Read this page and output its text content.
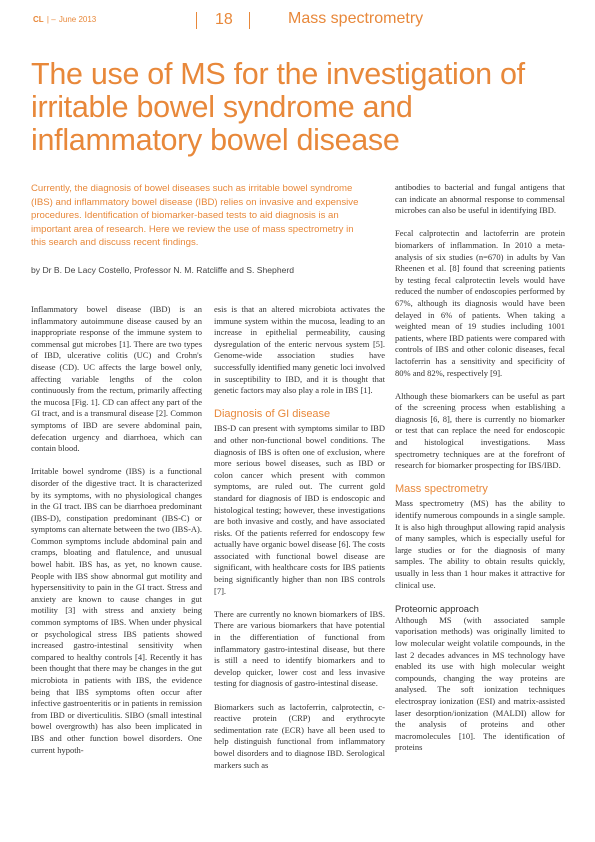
CL | – June 2013	18	Mass spectrometry
The use of MS for the investigation of irritable bowel syndrome and inflammatory bowel disease

Currently, the diagnosis of bowel diseases such as irritable bowel syndrome (IBS) and inflammatory bowel disease (IBD) relies on invasive and expensive procedures. Identification of biomarker-based tests to aid diagnosis is an important area of research. Here we review the use of mass spectrometry in this search and discuss recent findings.

by Dr B. De Lacy Costello, Professor N. M. Ratcliffe and S. Shepherd

Inflammatory bowel disease (IBD) is an inflammatory autoimmune disease caused by an inappropriate response of the immune system to commensal gut microbes [1]. There are two types of IBD, ulcerative colitis (UC) and Crohn's disease (CD). UC affects the large bowel only, affecting variable lengths of the colon continuously from the rectum, primarily affecting the mucosa [Fig. 1]. CD can affect any part of the GI tract, and is a transmural disease [2]. Common symptoms of IBD are severe abdominal pain, defecation urgency and diarrhoea, which can contain blood.

Irritable bowel syndrome (IBS) is a functional disorder of the digestive tract. It is characterized by its symptoms, with no physiological changes in the GI tract. IBS can be diarrhoea predominant (IBS-D), constipation predominant (IBS-C) or symptoms can alternate between the two (IBS-A). Common symptoms include abdominal pain and cramps, bloating and flatulence, and unusual bowel habit. IBS has, as yet, no known cause. People with IBS show abnormal gut motility and hypersensitivity to pain in the GI tract. Stress and anxiety are known to cause changes in gut motility [3] with stress and anxiety being common symptoms of IBS. When under physical or psychological stress IBS patients showed increased gastro-intestinal sensitivity when compared to healthy controls [4]. Recently it has been thought that there may be changes in the gut microbiota in patients with IBS, the evidence being that IBS symptoms often occur after infective gastroenteritis or in patients in remission from IBD or diverticulitis. SIBO (small intestinal bowel overgrowth) has also been implicated in IBS and other function bowel disorders. One current hypoth-

esis is that an altered microbiota activates the immune system within the mucosa, leading to an increase in epithelial permeability, causing dysregulation of the enteric nervous system [5]. Genome-wide association studies have successfully identified many genetic loci involved in susceptibility to IBD, and it is thought that genetic factors may also play a role in IBS [1].

Diagnosis of GI disease

IBS-D can present with symptoms similar to IBD and other non-functional bowel conditions. The diagnosis of IBS is often one of exclusion, where more serious bowel diseases, such as IBD or colon cancer which present with common symptoms, are ruled out. The current gold standard for diagnosis of IBD is endoscopic and histological testing; however, these investigations are both invasive and costly, and have associated risks. Of the patients referred for endoscopy few actually have organic bowel disease [6]. The costs associated with functional bowel disease are significant, with healthcare costs for IBS patients being significantly higher than non IBS controls [7].

There are currently no known biomarkers of IBS. There are various biomarkers that have potential in the differentiation of functional from inflammatory gastro-intestinal disease, but there is still a need to identify biomarkers and to develop quicker, lower cost and less invasive testing for diagnosis of gastro-intestinal disease.

Biomarkers such as lactoferrin, calprotectin, c-reactive protein (CRP) and erythrocyte sedimentation rate (ECR) have all been used to help distinguish functional from inflammatory bowel disorders and to diagnose IBD. Serological markers such as

antibodies to bacterial and fungal antigens that can indicate an abnormal response to commensal microbes can also be useful in identifying IBD.

Fecal calprotectin and lactoferrin are protein biomarkers of inflammation. In 2010 a meta-analysis of six studies (n=670) in adults by Van Rheenen et al. [8] found that screening patients by testing fecal calprotectin levels would have reduced the number of endoscopies performed by 67%, although its diagnosis would have been delayed in 6% of patients. When taking a weighted mean of 19 studies including 1001 patients, where IBD patients were compared with controls of IBS and other colonic diseases, fecal lactoferrin has a sensitivity and specificity of 80% and 82%, respectively [9].

Although these biomarkers can be useful as part of the screening process when establishing a diagnosis [6, 8], there is currently no biomarker or test that can replace the need for endoscopic and histological investigations. Mass spectrometry techniques are at the forefront of research for biomarker prospecting for IBS/IBD.

Mass spectrometry

Mass spectrometry (MS) has the ability to identify numerous compounds in a single sample. It is also high throughput allowing rapid analysis of many samples, which is especially useful for large studies or for the diagnosis of many samples. The ability to obtain results quickly, usually in less than 1 hour makes it attractive for clinical use.

Proteomic approach

Although MS (with associated sample vaporisation methods) was originally limited to low molecular weight volatile compounds, in the last 2 decades advances in MS technology have enabled its use with high molecular weight compounds, changing the way proteins are analysed. The soft ionization techniques electrospray ionization (ESI) and matrix-assisted laser desorption/ionization (MALDI) allow for the analysis of proteins and other macromolecules [10]. The identification of proteins
